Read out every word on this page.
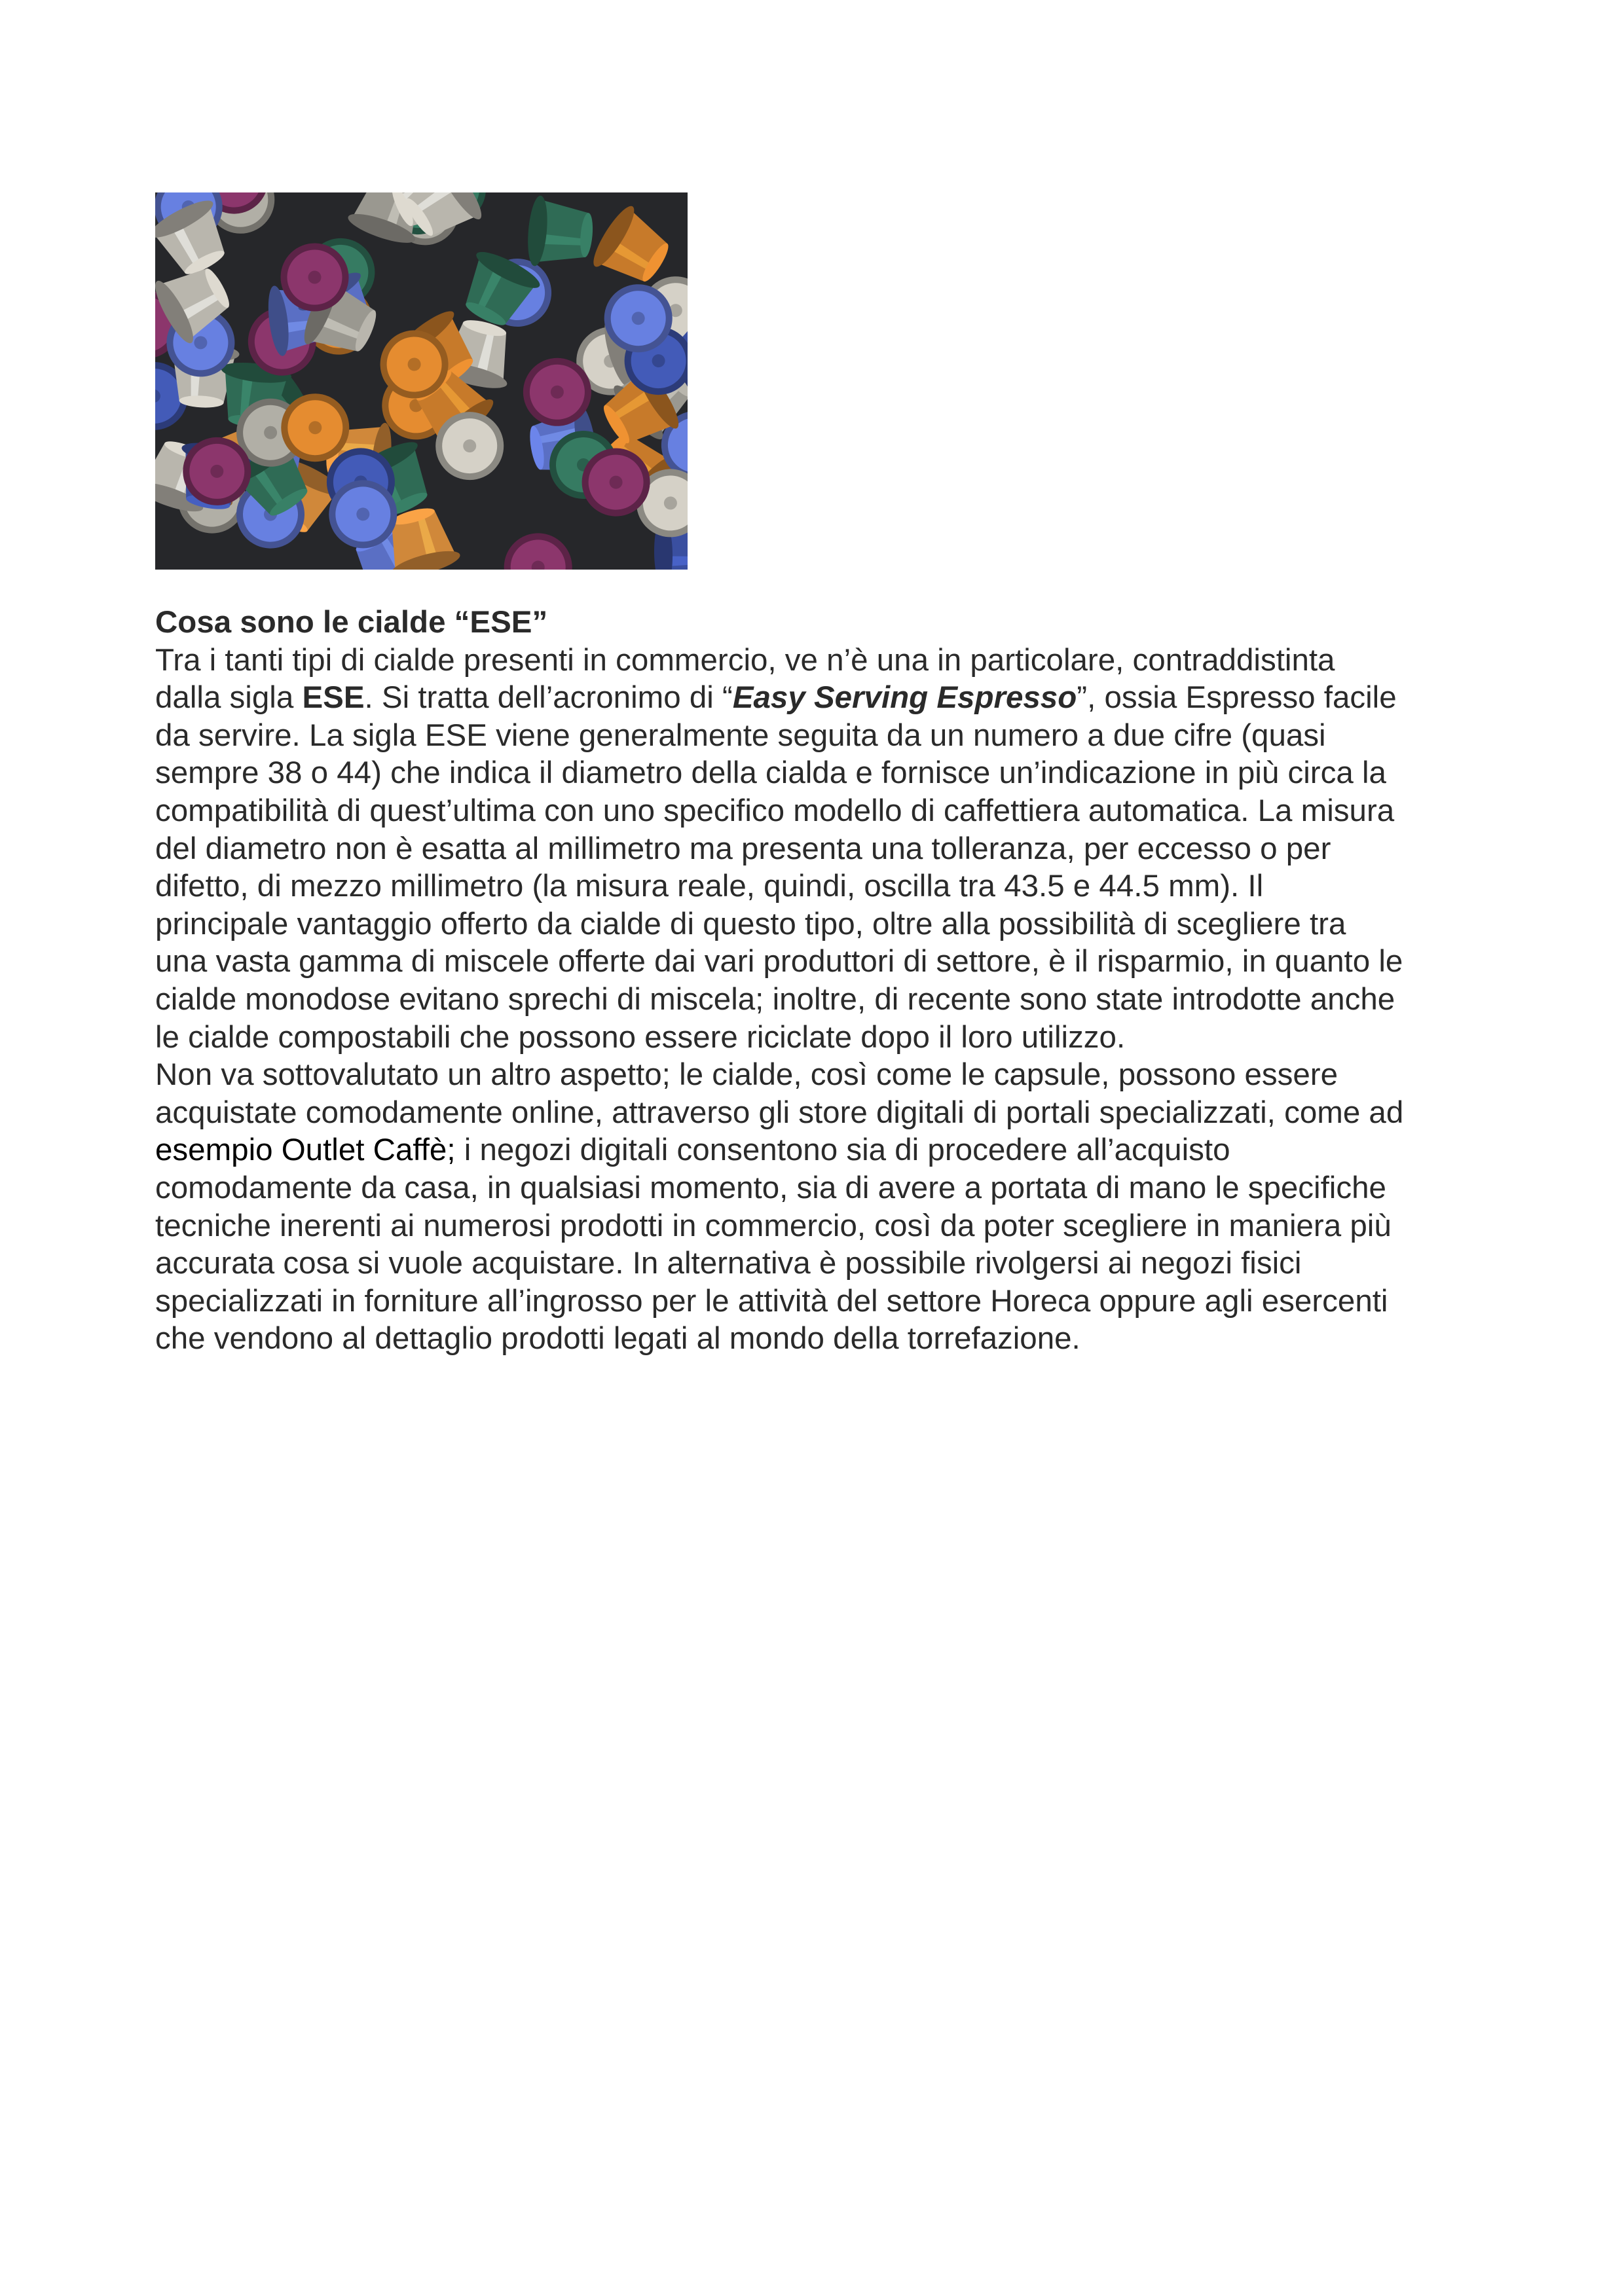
Cosa sono le cialde “ESE”

Tra i tanti tipi di cialde presenti in commercio, ve n’è una in particolare, contraddistinta
dalla sigla ESE. Si tratta dell’acronimo di “Easy Serving Espresso”, ossia Espresso facile
da servire. La sigla ESE viene generalmente seguita da un numero a due cifre (quasi
sempre 38 o 44) che indica il diametro della cialda e fornisce un’indicazione in più circa la
compatibilità di quest’ultima con uno specifico modello di caffettiera automatica. La misura
del diametro non è esatta al millimetro ma presenta una tolleranza, per eccesso o per
difetto, di mezzo millimetro (la misura reale, quindi, oscilla tra 43.5 e 44.5 mm). Il
principale vantaggio offerto da cialde di questo tipo, oltre alla possibilità di scegliere tra
una vasta gamma di miscele offerte dai vari produttori di settore, è il risparmio, in quanto le
cialde monodose evitano sprechi di miscela; inoltre, di recente sono state introdotte anche
le cialde compostabili che possono essere riciclate dopo il loro utilizzo.

Non va sottovalutato un altro aspetto; le cialde, così come le capsule, possono essere
acquistate comodamente online, attraverso gli store digitali di portali specializzati, come ad
esempio Outlet Caffè; i negozi digitali consentono sia di procedere all’acquisto
comodamente da casa, in qualsiasi momento, sia di avere a portata di mano le specifiche
tecniche inerenti ai numerosi prodotti in commercio, così da poter scegliere in maniera più
accurata cosa si vuole acquistare. In alternativa è possibile rivolgersi ai negozi fisici
specializzati in forniture all’ingrosso per le attività del settore Horeca oppure agli esercenti
che vendono al dettaglio prodotti legati al mondo della torrefazione.
